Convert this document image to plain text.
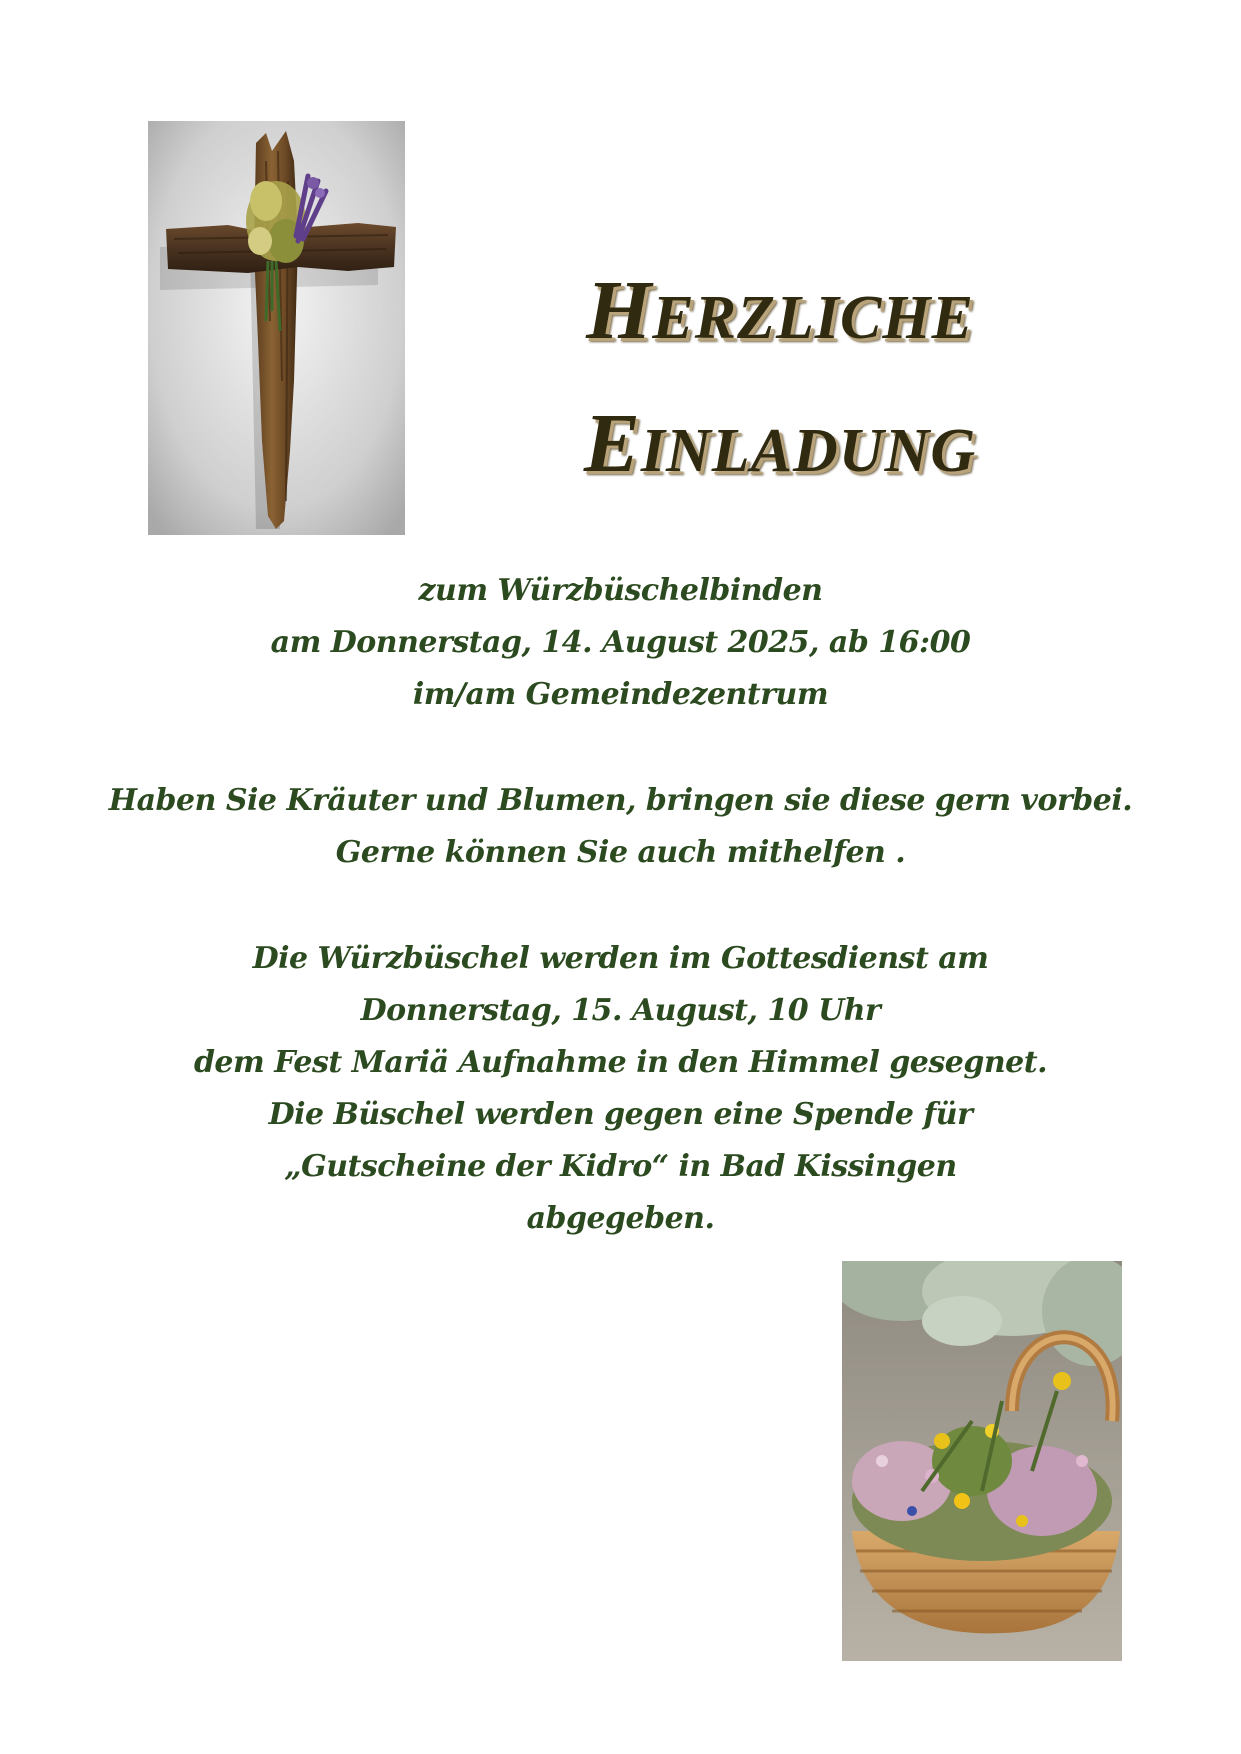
HERZLICHE
EINLADUNG
zum Würzbüschelbinden
am Donnerstag, 14. August 2025, ab 16:00
im/am Gemeindezentrum
Haben Sie Kräuter und Blumen, bringen sie diese gern vorbei.
Gerne können Sie auch mithelfen .
Die Würzbüschel werden im Gottesdienst am
Donnerstag, 15. August, 10 Uhr
dem Fest Mariä Aufnahme in den Himmel gesegnet.
Die Büschel werden gegen eine Spende für
„Gutscheine der Kidro“ in Bad Kissingen
abgegeben.
